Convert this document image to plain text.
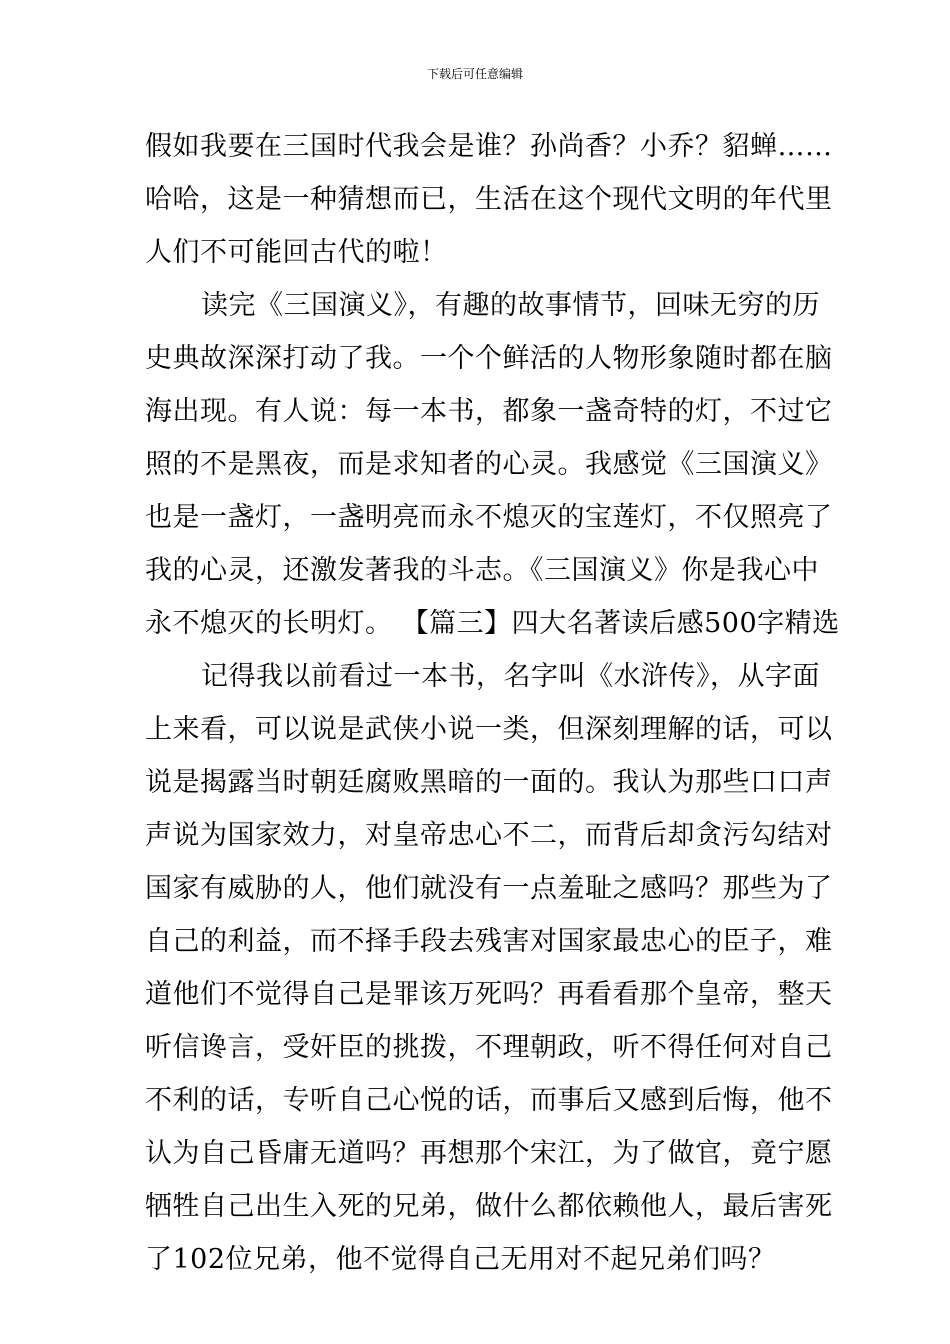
下载后可任意编辑
假如我要在三国时代我会是谁？孙尚香？小乔？貂蝉……
哈哈，这是一种猜想而已，生活在这个现代文明的年代里
人们不可能回古代的啦！
读完《三国演义》，有趣的故事情节，回味无穷的历
史典故深深打动了我。一个个鲜活的人物形象随时都在脑
海出现。有人说：每一本书，都象一盏奇特的灯，不过它
照的不是黑夜，而是求知者的心灵。我感觉《三国演义》
也是一盏灯，一盏明亮而永不熄灭的宝莲灯，不仅照亮了
我的心灵，还激发著我的斗志。《三国演义》你是我心中
永不熄灭的长明灯。 【篇三】四大名著读后感500字精选
记得我以前看过一本书，名字叫《水浒传》，从字面
上来看，可以说是武侠小说一类，但深刻理解的话，可以
说是揭露当时朝廷腐败黑暗的一面的。我认为那些口口声
声说为国家效力，对皇帝忠心不二，而背后却贪污勾结对
国家有威胁的人，他们就没有一点羞耻之感吗？那些为了
自己的利益，而不择手段去残害对国家最忠心的臣子，难
道他们不觉得自己是罪该万死吗？再看看那个皇帝，整天
听信谗言，受奸臣的挑拨，不理朝政，听不得任何对自己
不利的话，专听自己心悦的话，而事后又感到后悔，他不
认为自己昏庸无道吗？再想那个宋江，为了做官，竟宁愿
牺牲自己出生入死的兄弟，做什么都依赖他人，最后害死
了102位兄弟，他不觉得自己无用对不起兄弟们吗？
